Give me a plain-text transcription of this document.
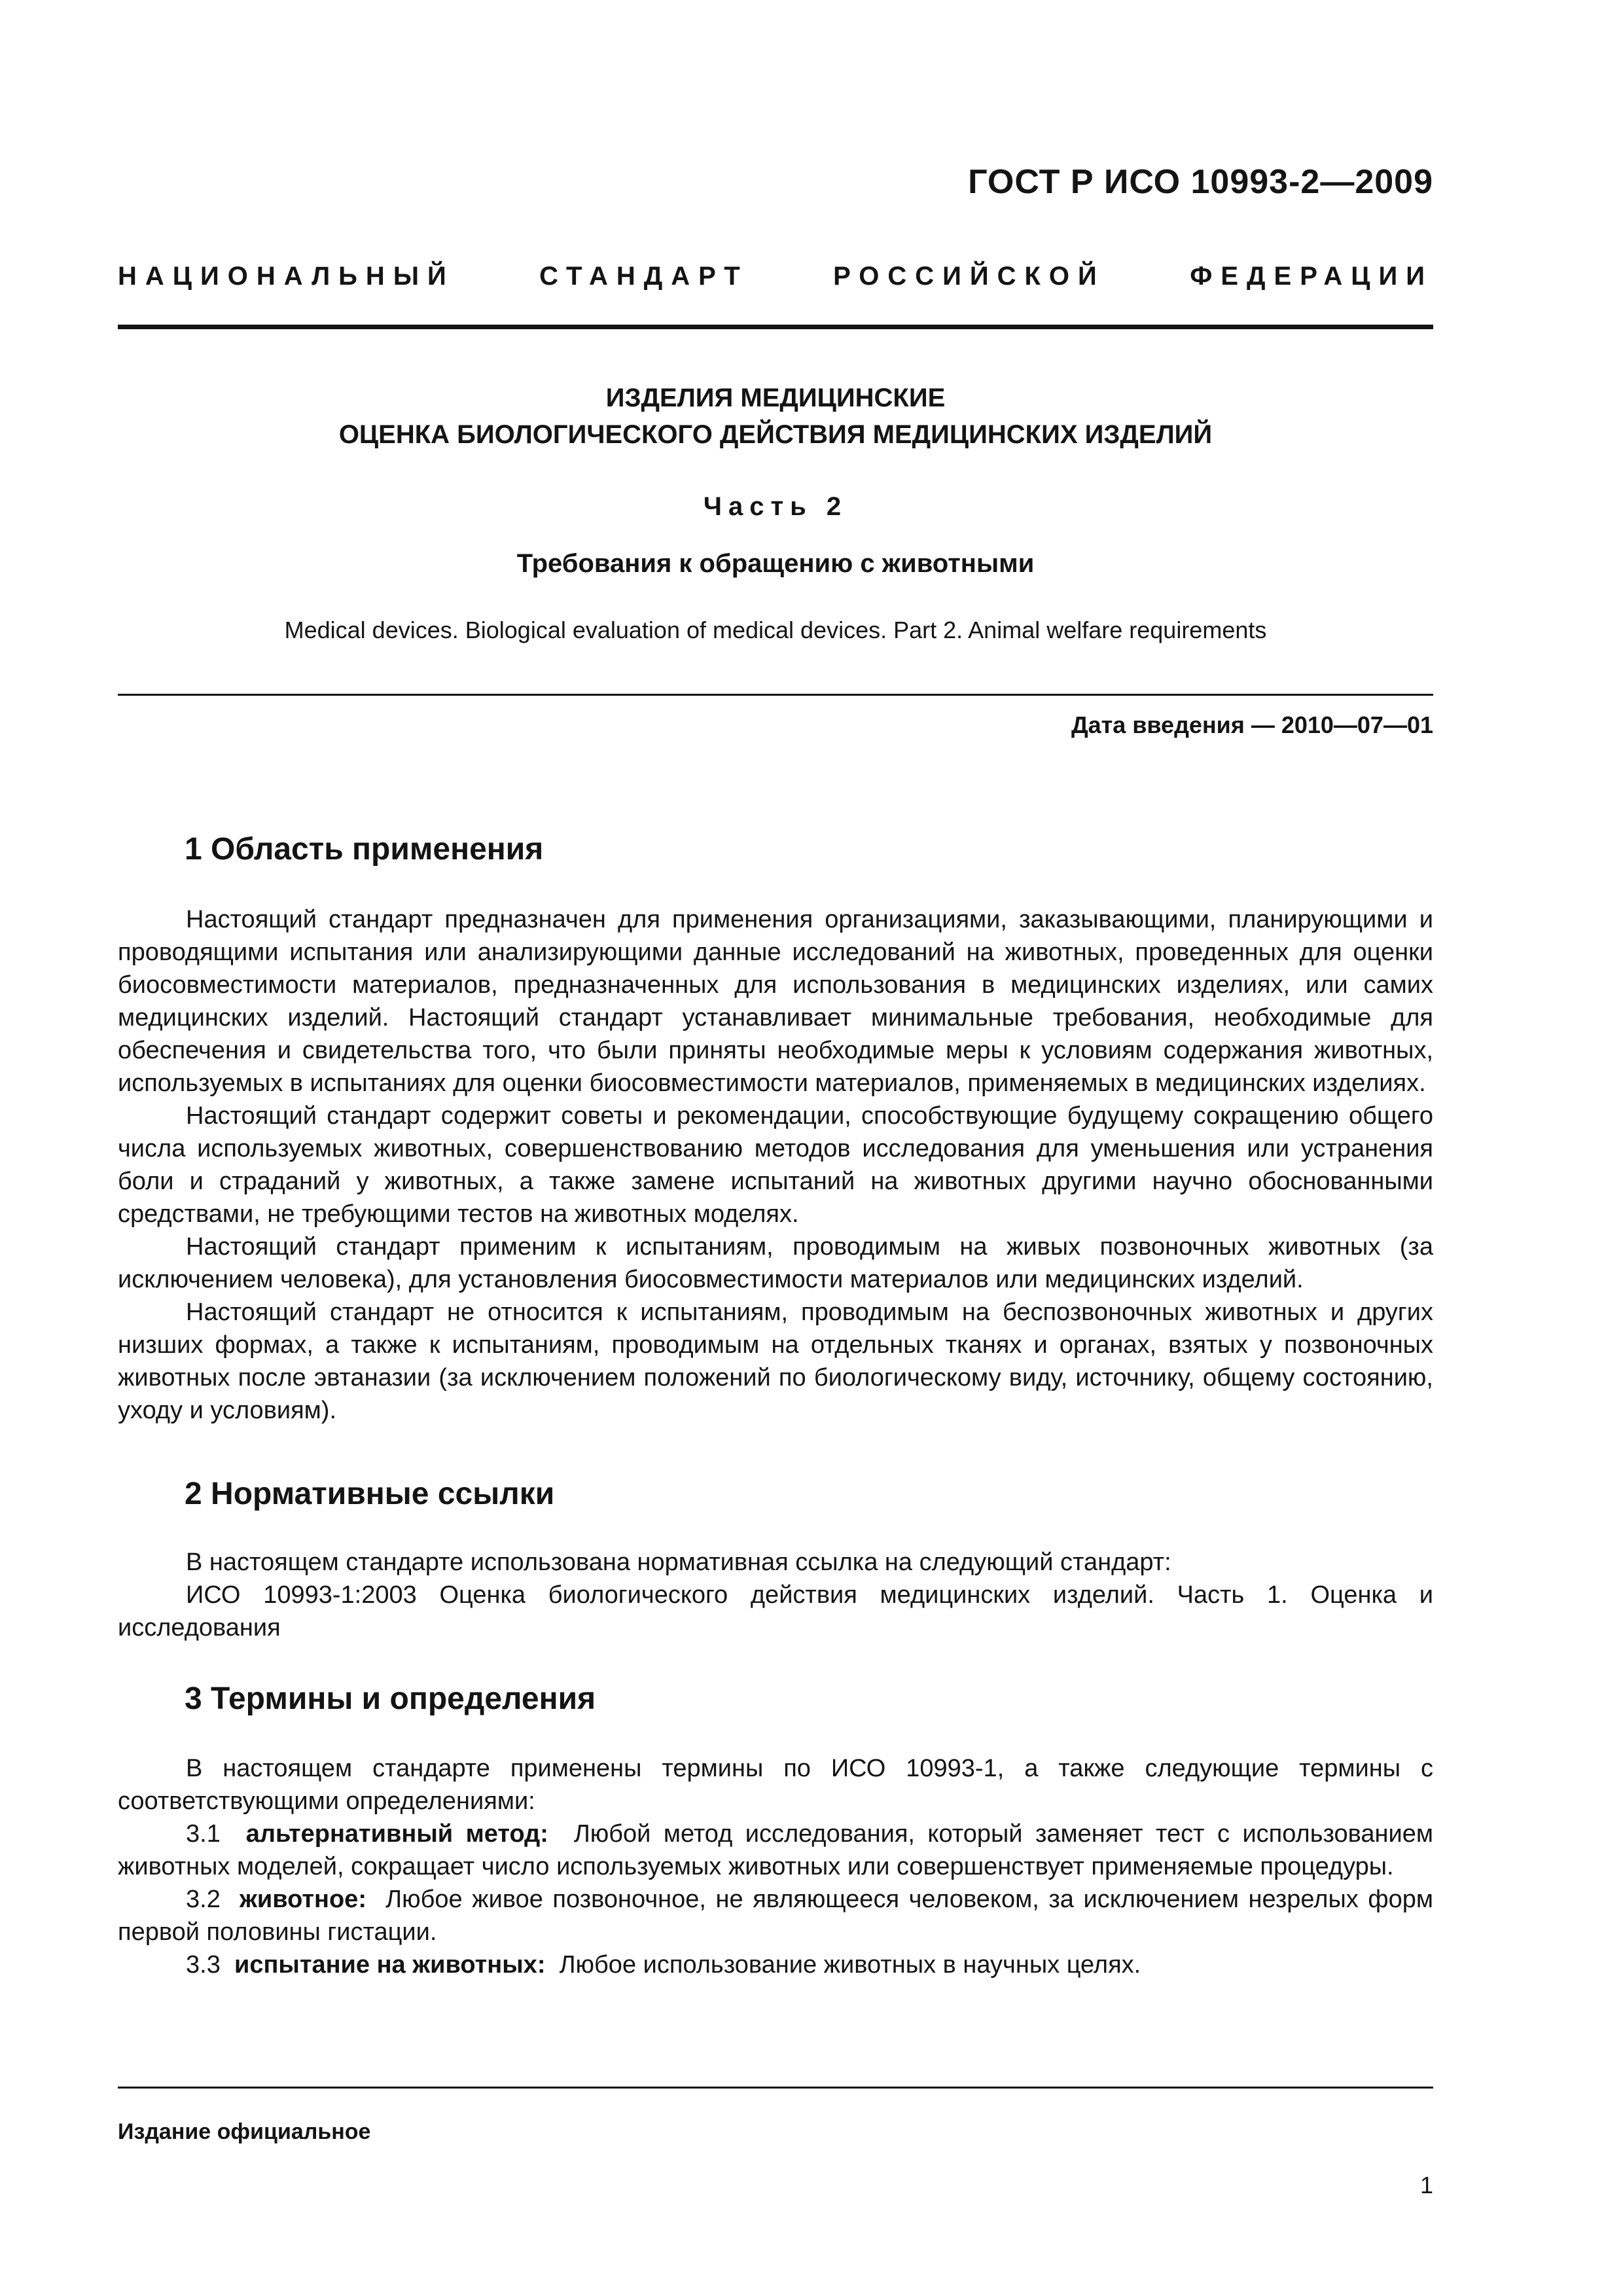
ГОСТ Р ИСО 10993-2—2009
НАЦИОНАЛЬНЫЙ	СТАНДАРТ	РОССИЙСКОЙ	ФЕДЕРАЦИИ
ИЗДЕЛИЯ МЕДИЦИНСКИЕ
ОЦЕНКА БИОЛОГИЧЕСКОГО ДЕЙСТВИЯ МЕДИЦИНСКИХ ИЗДЕЛИЙ
Часть 2
Требования к обращению с животными
Medical devices. Biological evaluation of medical devices. Part 2. Animal welfare requirements
Дата введения — 2010—07—01
1 Область применения

Настоящий стандарт предназначен для применения организациями, заказывающими, планирующими и проводящими испытания или анализирующими данные исследований на животных, проведенных для оценки биосовместимости материалов, предназначенных для использования в медицинских изделиях, или самих медицинских изделий. Настоящий стандарт устанавливает минимальные требования, необходимые для обеспечения и свидетельства того, что были приняты необходимые меры к условиям содержания животных, используемых в испытаниях для оценки биосовместимости материалов, применяемых в медицинских изделиях.

Настоящий стандарт содержит советы и рекомендации, способствующие будущему сокращению общего числа используемых животных, совершенствованию методов исследования для уменьшения или устранения боли и страданий у животных, а также замене испытаний на животных другими научно обоснованными средствами, не требующими тестов на животных моделях.

Настоящий стандарт применим к испытаниям, проводимым на живых позвоночных животных (за исключением человека), для установления биосовместимости материалов или медицинских изделий.

Настоящий стандарт не относится к испытаниям, проводимым на беспозвоночных животных и других низших формах, а также к испытаниям, проводимым на отдельных тканях и органах, взятых у позвоночных животных после эвтаназии (за исключением положений по биологическому виду, источнику, общему состоянию, уходу и условиям).

2 Нормативные ссылки

В настоящем стандарте использована нормативная ссылка на следующий стандарт:

ИСО 10993-1:2003 Оценка биологического действия медицинских изделий. Часть 1. Оценка и исследования

3 Термины и определения

В настоящем стандарте применены термины по ИСО 10993-1, а также следующие термины с соответствующими определениями:

3.1 альтернативный метод: Любой метод исследования, который заменяет тест с использованием животных моделей, сокращает число используемых животных или совершенствует применяемые процедуры.

3.2 животное: Любое живое позвоночное, не являющееся человеком, за исключением незрелых форм первой половины гистации.

3.3 испытание на животных: Любое использование животных в научных целях.

Издание официальное
1
